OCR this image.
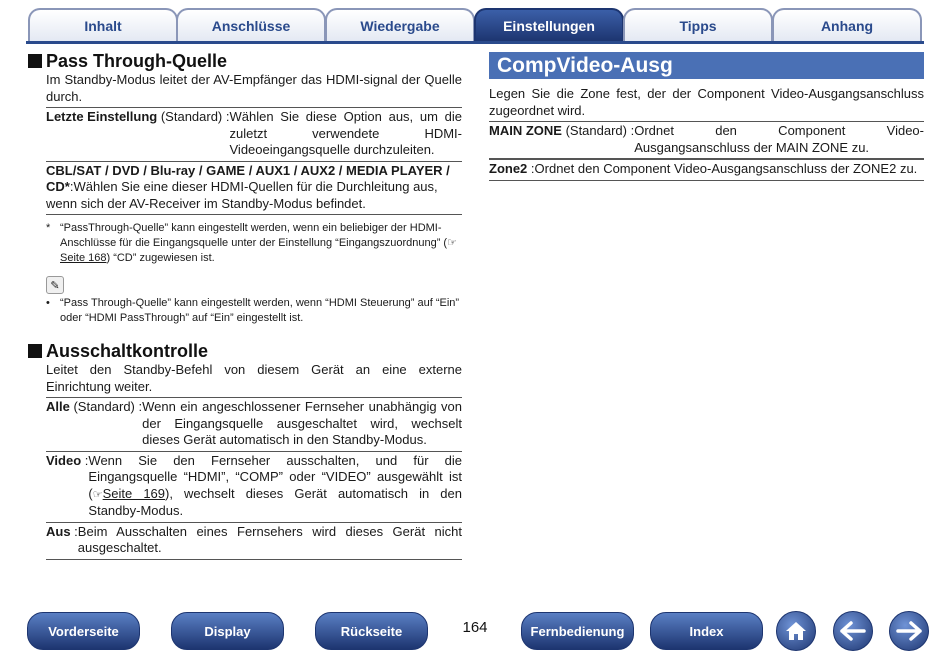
Inhalt	Anschlüsse	Wiedergabe	Einstellungen	Tipps	Anhang
Pass Through-Quelle

Im Standby-Modus leitet der AV-Empfänger das HDMI-signal der Quelle durch.

Letzte Einstellung (Standard) : Wählen Sie diese Option aus, um die zuletzt verwendete HDMI-Videoeingangsquelle durchzuleiten.
CBL/SAT / DVD / Blu-ray / GAME / AUX1 / AUX2 / MEDIA PLAYER / CD*:Wählen Sie eine dieser HDMI-Quellen für die Durchleitung aus, wenn sich der AV-Receiver im Standby-Modus befindet.
* “PassThrough-Quelle” kann eingestellt werden, wenn ein beliebiger der HDMI-Anschlüsse für die Eingangsquelle unter der Einstellung “Eingangszuordnung” (☞Seite 168) “CD” zugewiesen ist.
✎
• “Pass Through-Quelle” kann eingestellt werden, wenn “HDMI Steuerung” auf “Ein” oder “HDMI PassThrough” auf “Ein” eingestellt ist.
Ausschaltkontrolle

Leitet den Standby-Befehl von diesem Gerät an eine externe Einrichtung weiter.

Alle (Standard) : Wenn ein angeschlossener Fernseher unabhängig von der Eingangsquelle ausgeschaltet wird, wechselt dieses Gerät automatisch in den Standby-Modus.
Video : Wenn Sie den Fernseher ausschalten, und für die Eingangsquelle “HDMI”, “COMP” oder “VIDEO” ausgewählt ist (☞Seite 169), wechselt dieses Gerät automatisch in den Standby-Modus.
Aus : Beim Ausschalten eines Fernsehers wird dieses Gerät nicht ausgeschaltet.
CompVideo-Ausg

Legen Sie die Zone fest, der der Component Video-Ausgangsanschluss zugeordnet wird.

MAIN ZONE (Standard) : Ordnet den Component Video-Ausgangsanschluss der MAIN ZONE zu.
Zone2 : Ordnet den Component Video-Ausgangsanschluss der ZONE2 zu.
Vorderseite	Display	Rückseite	164	Fernbedienung	Index
